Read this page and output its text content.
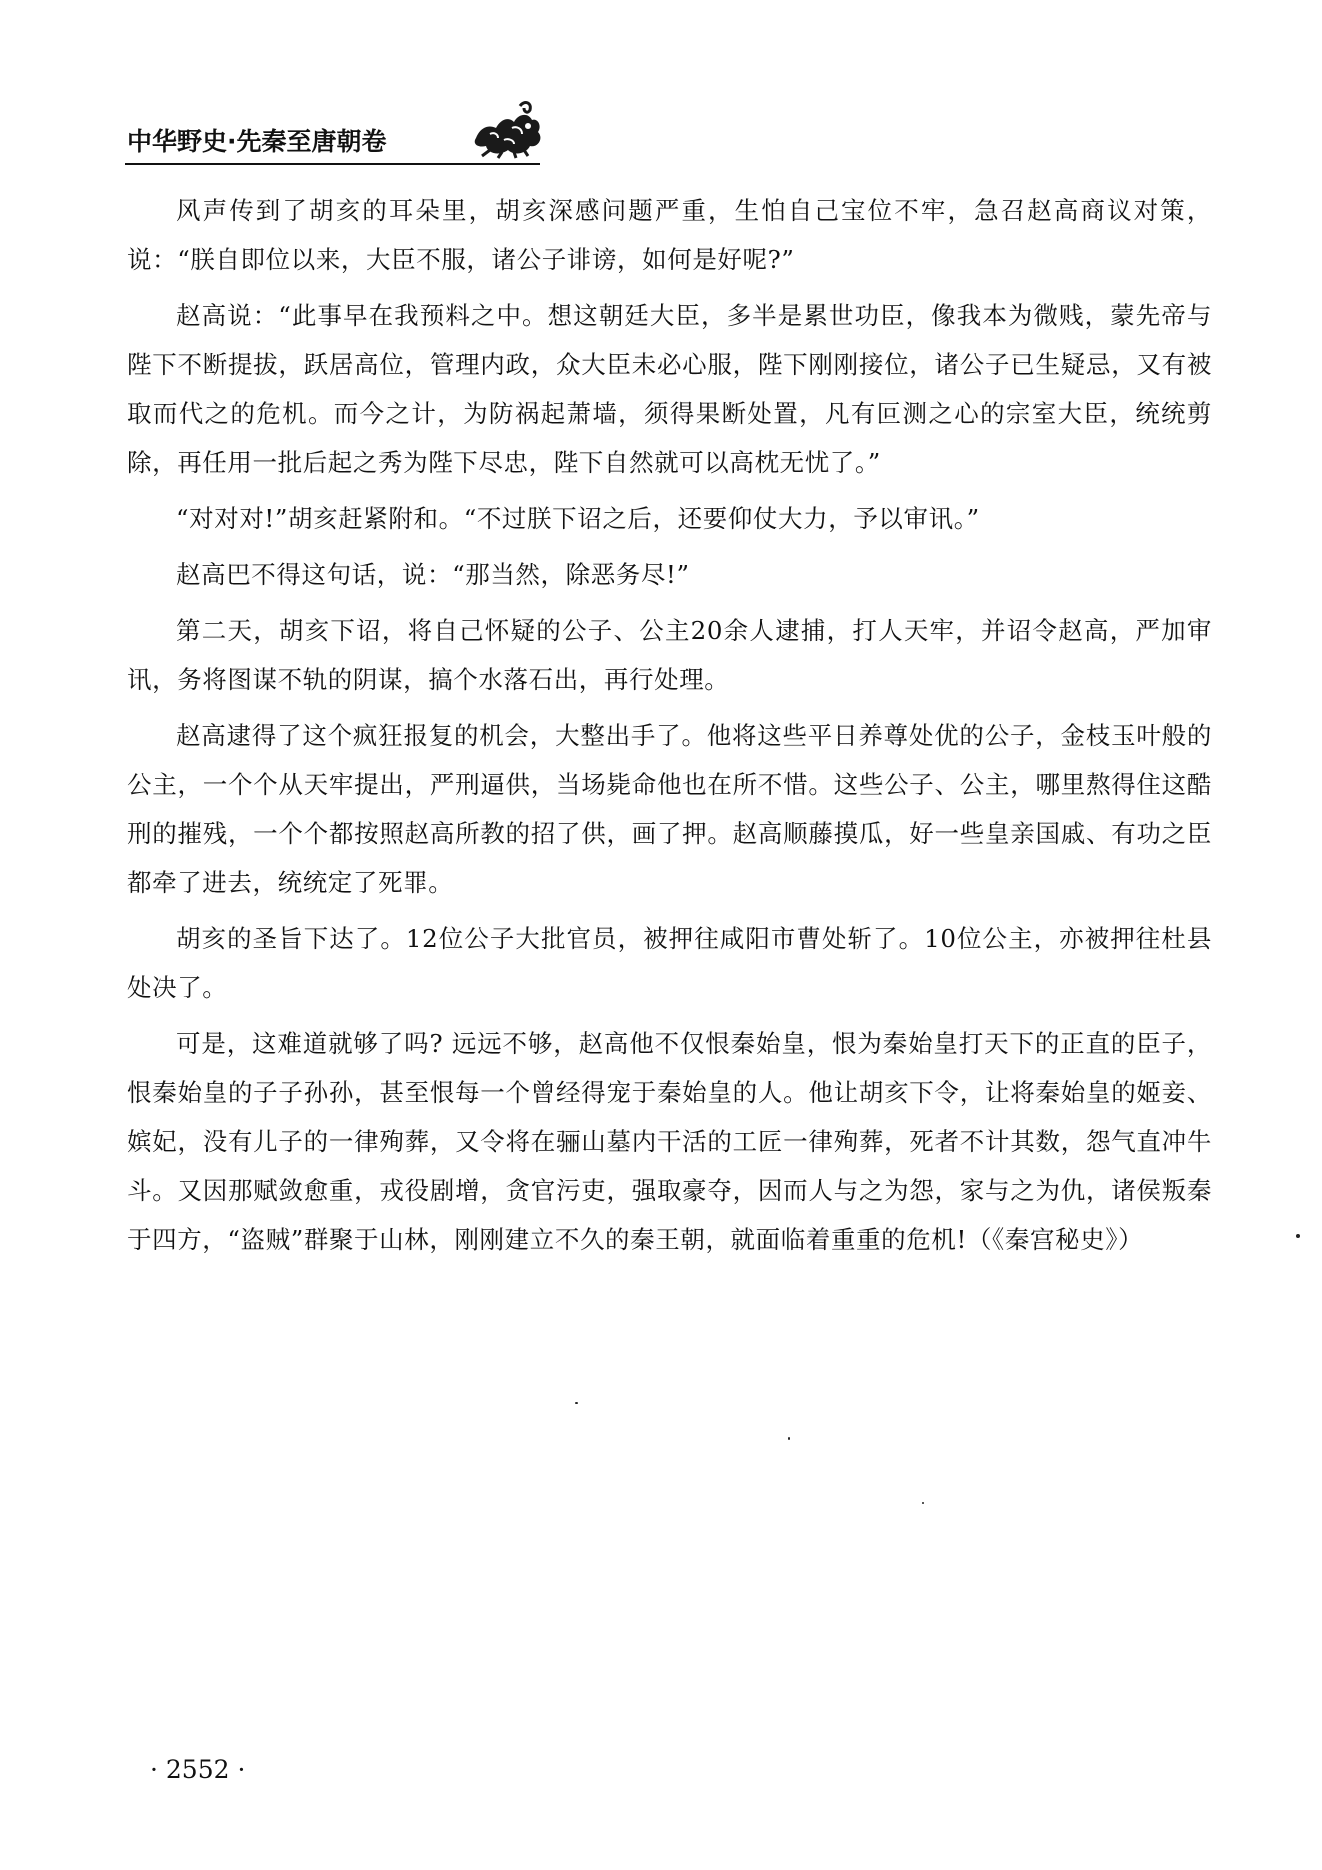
中华野史·先秦至唐朝卷

风声传到了胡亥的耳朵里，胡亥深感问题严重，生怕自己宝位不牢，急召赵高商议对策，说：“朕自即位以来，大臣不服，诸公子诽谤，如何是好呢?”

赵高说：“此事早在我预料之中。想这朝廷大臣，多半是累世功臣，像我本为微贱，蒙先帝与陛下不断提拔，跃居高位，管理内政，众大臣未必心服，陛下刚刚接位，诸公子已生疑忌，又有被取而代之的危机。而今之计，为防祸起萧墙，须得果断处置，凡有叵测之心的宗室大臣，统统剪除，再任用一批后起之秀为陛下尽忠，陛下自然就可以高枕无忧了。”

“对对对!”胡亥赶紧附和。“不过朕下诏之后，还要仰仗大力，予以审讯。”

赵高巴不得这句话，说：“那当然，除恶务尽!”

第二天，胡亥下诏，将自己怀疑的公子、公主20余人逮捕，打人天牢，并诏令赵高，严加审讯，务将图谋不轨的阴谋，搞个水落石出，再行处理。

赵高逮得了这个疯狂报复的机会，大整出手了。他将这些平日养尊处优的公子，金枝玉叶般的公主，一个个从天牢提出，严刑逼供，当场毙命他也在所不惜。这些公子、公主，哪里熬得住这酷刑的摧残，一个个都按照赵高所教的招了供，画了押。赵高顺藤摸瓜，好一些皇亲国戚、有功之臣都牵了进去，统统定了死罪。

胡亥的圣旨下达了。12位公子大批官员，被押往咸阳市曹处斩了。10位公主，亦被押往杜县处决了。

可是，这难道就够了吗? 远远不够，赵高他不仅恨秦始皇，恨为秦始皇打天下的正直的臣子，恨秦始皇的子子孙孙，甚至恨每一个曾经得宠于秦始皇的人。他让胡亥下令，让将秦始皇的姬妾、嫔妃，没有儿子的一律殉葬，又令将在骊山墓内干活的工匠一律殉葬，死者不计其数，怨气直冲牛斗。又因那赋敛愈重，戎役剧增，贪官污吏，强取豪夺，因而人与之为怨，家与之为仇，诸侯叛秦于四方，“盗贼”群聚于山林，刚刚建立不久的秦王朝，就面临着重重的危机!（《秦宫秘史》）

· 2552 ·
